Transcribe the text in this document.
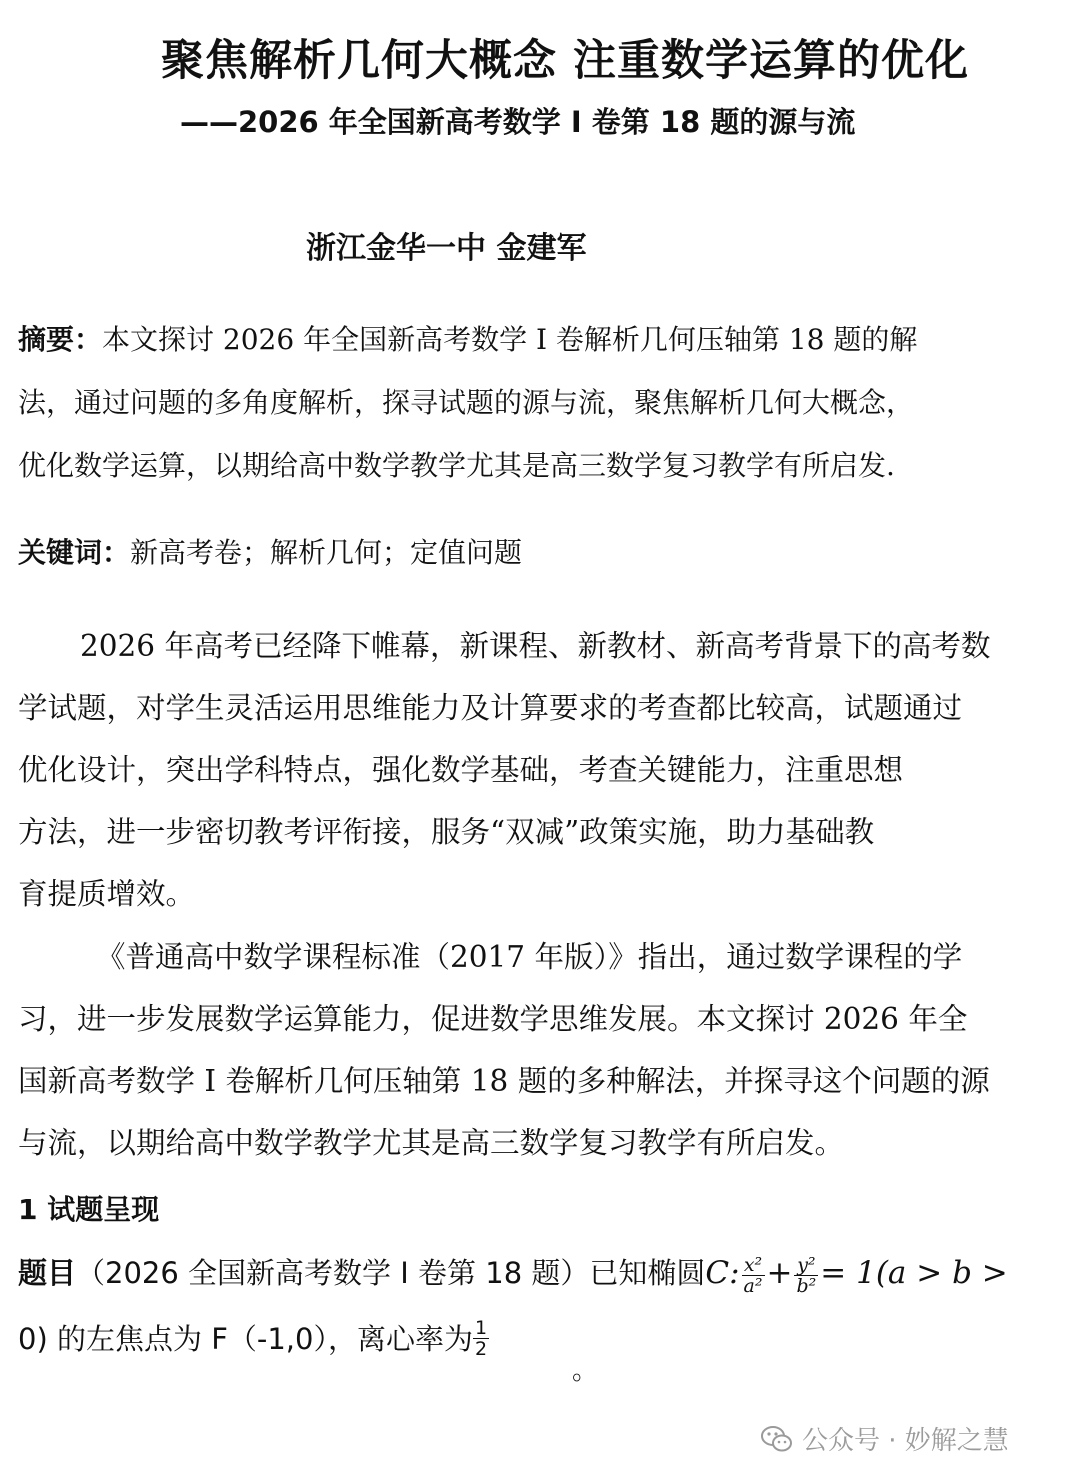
聚焦解析几何大概念 注重数学运算的优化
——2026 年全国新高考数学 I 卷第 18 题的源与流
浙江金华一中 金建军
摘要：本文探讨 2026 年全国新高考数学 I 卷解析几何压轴第 18 题的解
法，通过问题的多角度解析，探寻试题的源与流，聚焦解析几何大概念，
优化数学运算，以期给高中数学教学尤其是高三数学复习教学有所启发.
关键词：新高考卷；解析几何；定值问题
2026 年高考已经降下帷幕，新课程、新教材、新高考背景下的高考数
学试题，对学生灵活运用思维能力及计算要求的考查都比较高，试题通过
优化设计，突出学科特点，强化数学基础，考查关键能力，注重思想
方法，进一步密切教考评衔接，服务“双减”政策实施，助力基础教
育提质增效。
《普通高中数学课程标准（2017 年版）》指出，通过数学课程的学
习，进一步发展数学运算能力，促进数学思维发展。本文探讨 2026 年全
国新高考数学 I 卷解析几何压轴第 18 题的多种解法，并探寻这个问题的源
与流，以期给高中数学教学尤其是高三数学复习教学有所启发。
1 试题呈现
题目（2026 全国新高考数学 I 卷第 18 题）已知椭圆C: $\frac{\text{x²}}{\text{a²}} + \frac{\text{y²}}{\text{b²}} = 1(a > b$ >
0) 的左焦点为 F（-1,0），离心率为 $\frac{1}{2}$
。
公众号 · 妙解之慧
